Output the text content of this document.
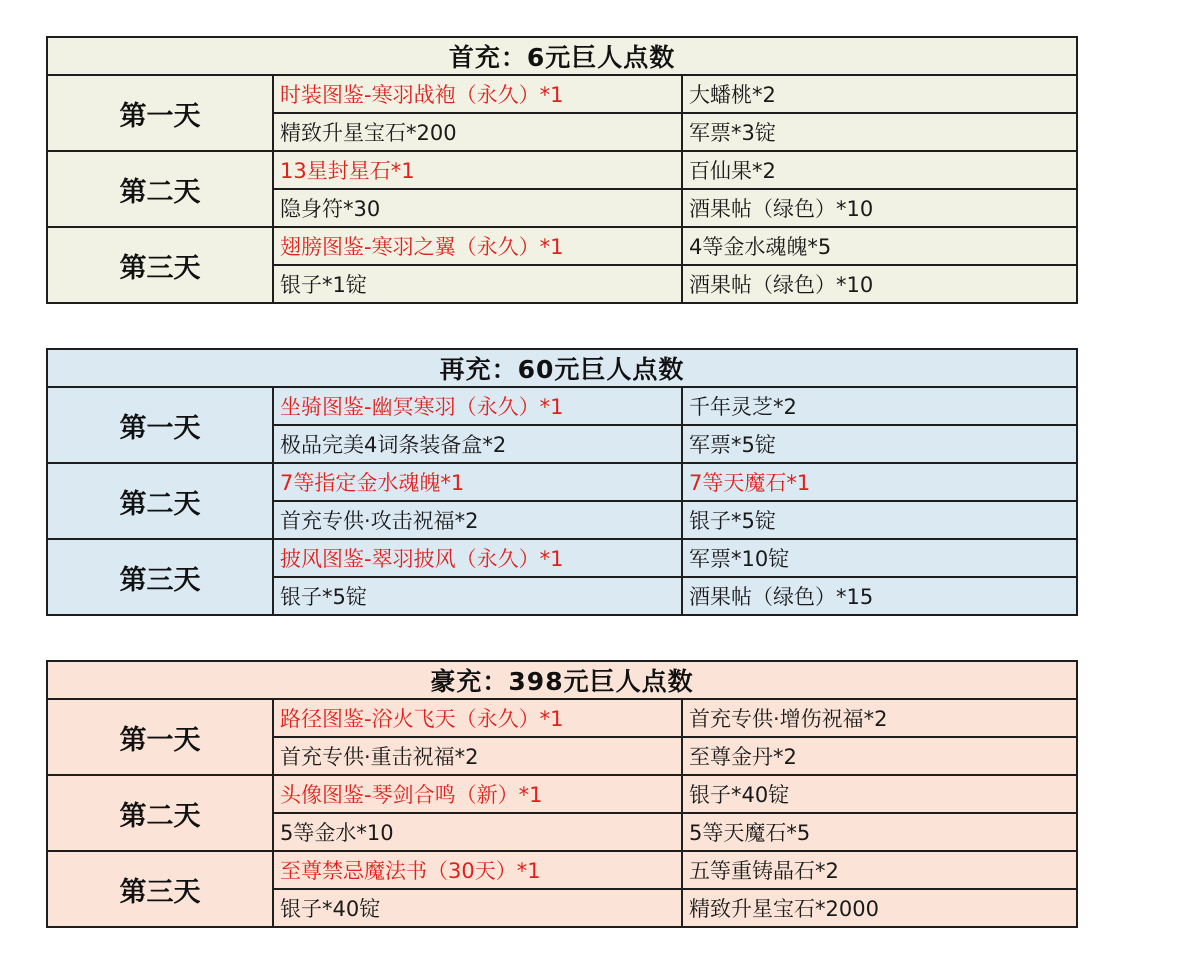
首充：6元巨人点数		
第一天	时装图鉴-寒羽战袍（永久）*1	大蟠桃*2
	精致升星宝石*200	军票*3锭
第二天	13星封星石*1	百仙果*2
	隐身符*30	酒果帖（绿色）*10
第三天	翅膀图鉴-寒羽之翼（永久）*1	4等金水魂魄*5
	银子*1锭	酒果帖（绿色）*10
再充：60元巨人点数		
第一天	坐骑图鉴-幽冥寒羽（永久）*1	千年灵芝*2
	极品完美4词条装备盒*2	军票*5锭
第二天	7等指定金水魂魄*1	7等天魔石*1
	首充专供·攻击祝福*2	银子*5锭
第三天	披风图鉴-翠羽披风（永久）*1	军票*10锭
	银子*5锭	酒果帖（绿色）*15
豪充：398元巨人点数		
第一天	路径图鉴-浴火飞天（永久）*1	首充专供·增伤祝福*2
	首充专供·重击祝福*2	至尊金丹*2
第二天	头像图鉴-琴剑合鸣（新）*1	银子*40锭
	5等金水*10	5等天魔石*5
第三天	至尊禁忌魔法书（30天）*1	五等重铸晶石*2
	银子*40锭	精致升星宝石*2000
